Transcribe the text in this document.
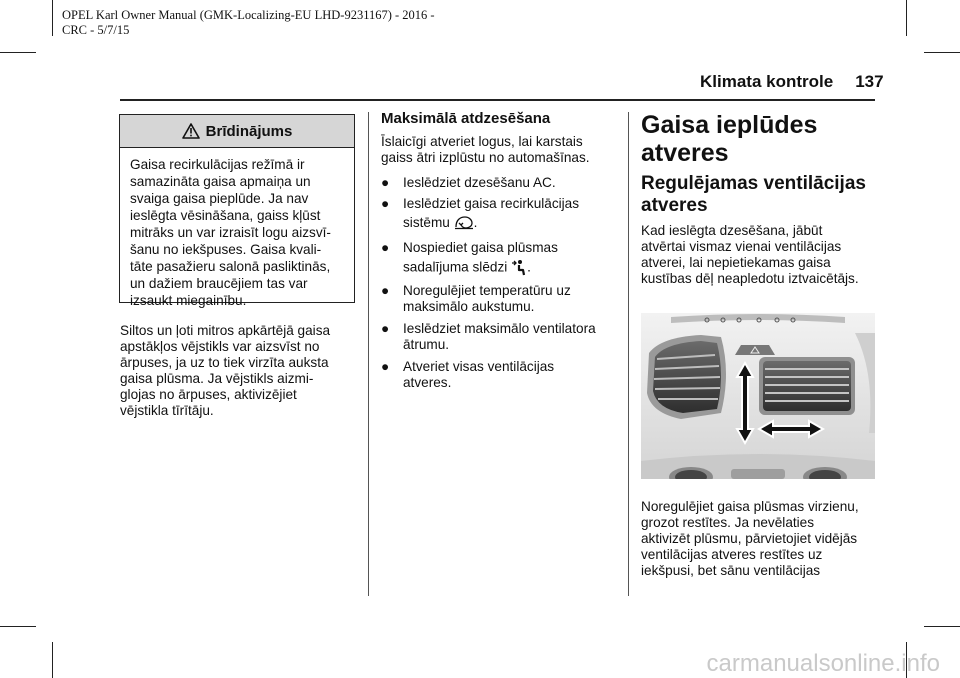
OPEL Karl Owner Manual (GMK-Localizing-EU LHD-9231167) - 2016 -
CRC - 5/7/15
Klimata kontrole 137
Brīdinājums
Gaisa recirkulācijas režīmā ir
samazināta gaisa apmaiņa un
svaiga gaisa pieplūde. Ja nav
ieslēgta vēsināšana, gaiss kļūst
mitrāks un var izraisīt logu aizsvī-
šanu no iekšpuses. Gaisa kvali-
tāte pasažieru salonā pasliktinās,
un dažiem braucējiem tas var
izsaukt miegainību.
Siltos un ļoti mitros apkārtējā gaisa
apstākļos vējstikls var aizsvīst no
ārpuses, ja uz to tiek virzīta auksta
gaisa plūsma. Ja vējstikls aizmi-
glojas no ārpuses, aktivizējiet
vējstikla tīrītāju.
Maksimālā atdzesēšana
Īslaicīgi atveriet logus, lai karstais
gaiss ātri izplūstu no automašīnas.
● Ieslēdziet dzesēšanu AC.
● Ieslēdziet gaisa recirkulācijas
sistēmu .
● Nospiediet gaisa plūsmas
sadalījuma slēdzi .
● Noregulējiet temperatūru uz
maksimālo aukstumu.
● Ieslēdziet maksimālo ventilatora
ātrumu.
● Atveriet visas ventilācijas
atveres.
Gaisa ieplūdes
atveres
Regulējamas ventilācijas
atveres
Kad ieslēgta dzesēšana, jābūt
atvērtai vismaz vienai ventilācijas
atverei, lai nepietiekamas gaisa
kustības dēļ neapledotu iztvaicētājs.
Noregulējiet gaisa plūsmas virzienu,
grozot restītes. Ja nevēlaties
aktivizēt plūsmu, pārvietojiet vidējās
ventilācijas atveres restītes uz
iekšpusi, bet sānu ventilācijas
carmanualsonline.info
